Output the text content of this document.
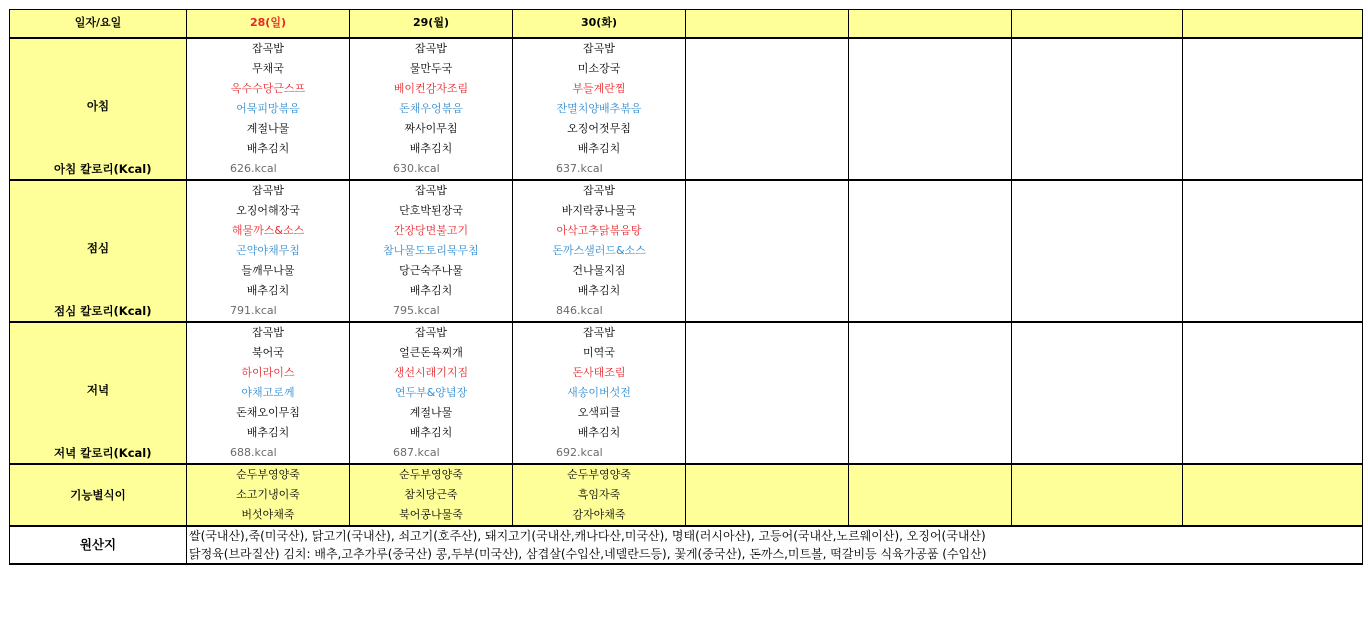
일자/요일	28(일)	29(월)	30(화)				
아침	잡곡밥	잡곡밥	잡곡밥				
	무채국	물만두국	미소장국				
	옥수수당근스프	베이컨감자조림	부들계란찜				
	어묵피망볶음	돈채우엉볶음	잔멸치양배추볶음				
	계절나물	짜사이무침	오징어젓무침				
	배추김치	배추김치	배추김치				
아침 칼로리(Kcal)	626.kcal	630.kcal	637.kcal				
점심	잡곡밥	잡곡밥	잡곡밥				
	오징어해장국	단호박된장국	바지락콩나물국				
	해물까스&소스	간장당면불고기	아삭고추닭볶음탕				
	곤약야채무침	참나물도토리묵무침	돈까스샐러드&소스				
	들깨무나물	당근숙주나물	건나물지짐				
	배추김치	배추김치	배추김치				
점심 칼로리(Kcal)	791.kcal	795.kcal	846.kcal				
저녁	잡곡밥	잡곡밥	잡곡밥				
	북어국	얼큰돈육찌개	미역국				
	하이라이스	생선시래기지짐	돈사태조림				
	야채고로께	연두부&양념장	새송이버섯전				
	돈채오이무침	계절나물	오색피클				
	배추김치	배추김치	배추김치				
저녁 칼로리(Kcal)	688.kcal	687.kcal	692.kcal				
기능별식이	순두부영양죽	순두부영양죽	순두부영양죽				
	소고기냉이죽	참치당근죽	흑임자죽				
	버섯야채죽	북어콩나물죽	감자야채죽				
원산지	쌀(국내산),죽(미국산), 닭고기(국내산), 쇠고기(호주산), 돼지고기(국내산,캐나다산,미국산), 명태(러시아산), 고등어(국내산,노르웨이산), 오징어(국내산)						
	닭정육(브라질산) 김치: 배추,고추가루(중국산) 콩,두부(미국산), 삼겹살(수입산,네델란드등), 꽃게(중국산), 돈까스,미트볼, 떡갈비등 식육가공품 (수입산)						
